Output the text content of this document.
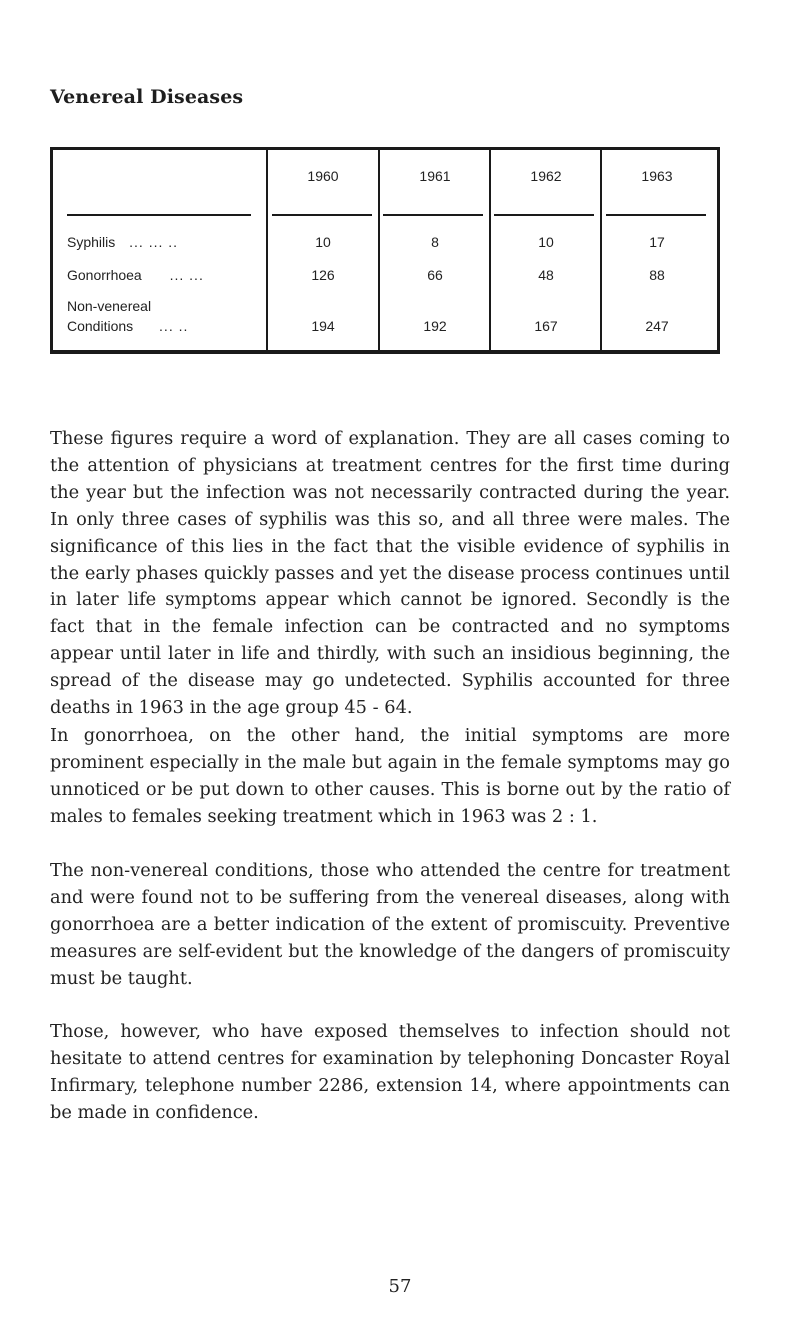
Venereal Diseases
1960	1961	1962	1963
Syphilis ... ... ..	10	8	10	17
Gonorrhoea ... ...	126	66	48	88
Non-venereal
Conditions ... ..	194	192	167	247

These figures require a word of explanation. They are all cases coming to the attention of physicians at treatment centres for the first time during the year but the infection was not necessarily contracted during the year. In only three cases of syphilis was this so, and all three were males. The significance of this lies in the fact that the visible evidence of syphilis in the early phases quickly passes and yet the disease process continues until in later life symptoms appear which cannot be ignored. Secondly is the fact that in the female infection can be contracted and no symptoms appear until later in life and thirdly, with such an insidious beginning, the spread of the disease may go undetected. Syphilis accounted for three deaths in 1963 in the age group 45 - 64.

In gonorrhoea, on the other hand, the initial symptoms are more prominent especially in the male but again in the female symptoms may go unnoticed or be put down to other causes. This is borne out by the ratio of males to females seeking treatment which in 1963 was 2 : 1.

The non-venereal conditions, those who attended the centre for treatment and were found not to be suffering from the venereal diseases, along with gonorrhoea are a better indication of the extent of promiscuity. Preventive measures are self-evident but the knowledge of the dangers of promiscuity must be taught.

Those, however, who have exposed themselves to infection should not hesitate to attend centres for examination by telephoning Doncaster Royal Infirmary, telephone number 2286, extension 14, where appointments can be made in confidence.

57
